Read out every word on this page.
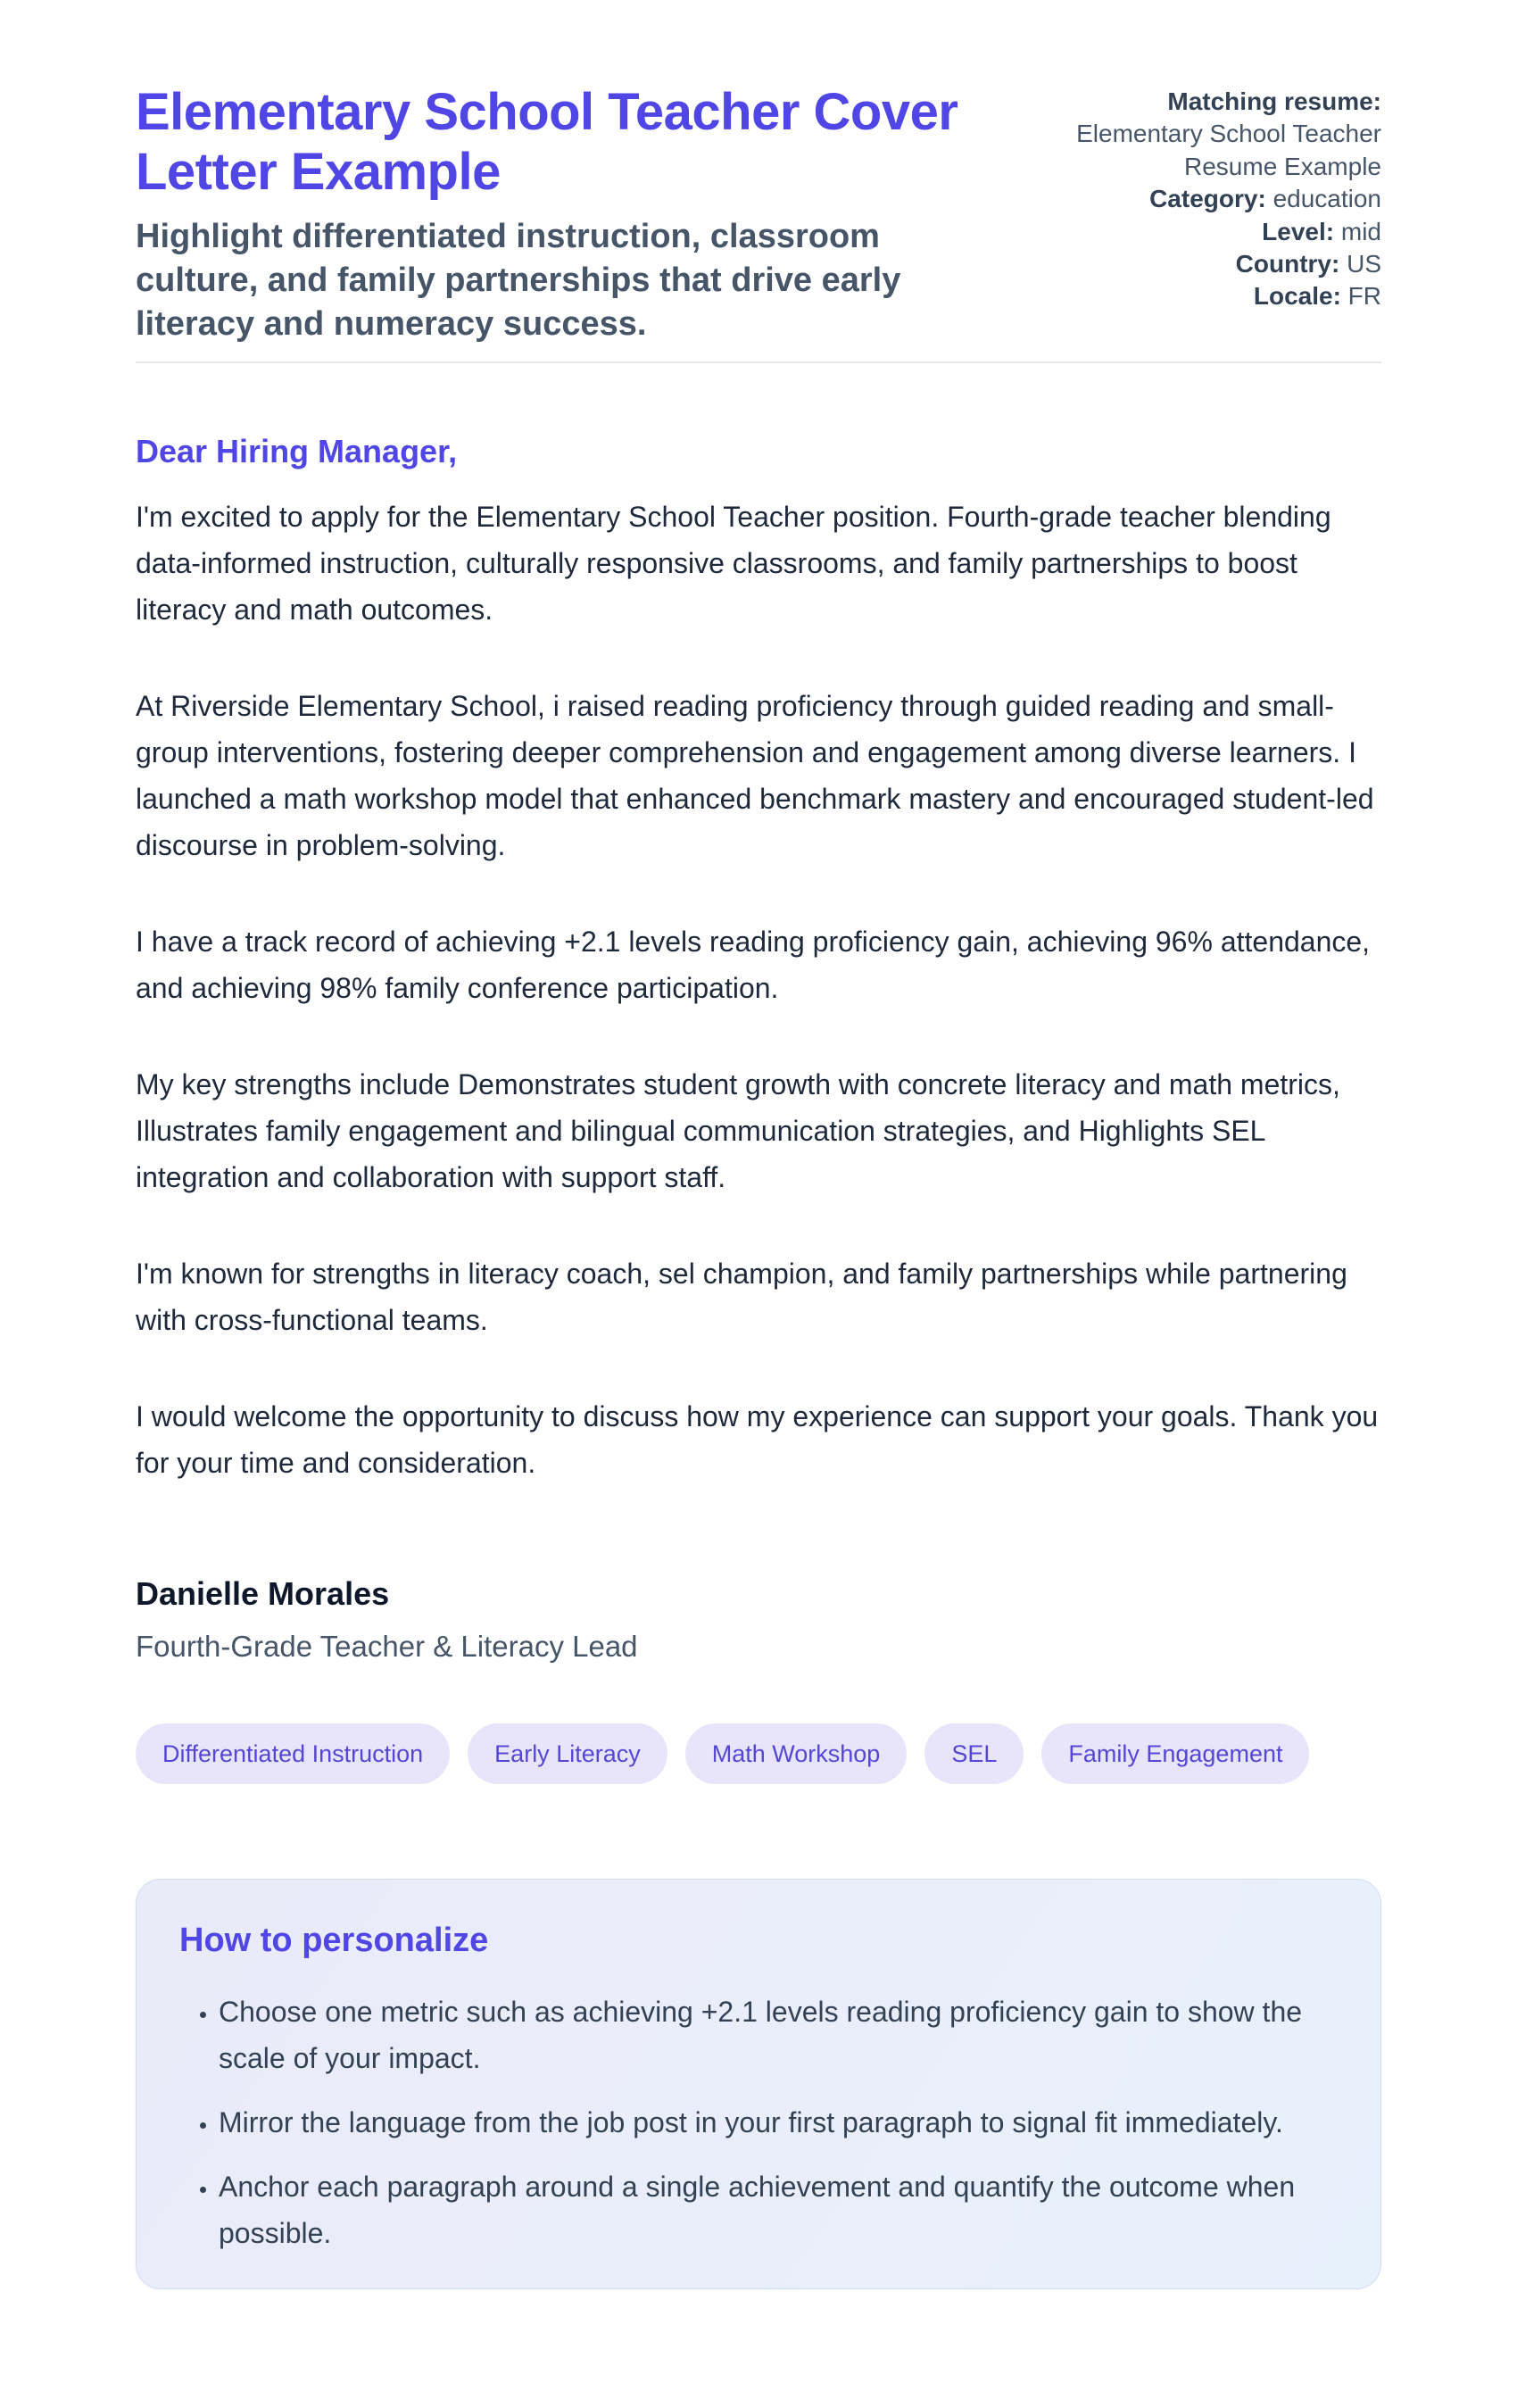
Elementary School Teacher Cover Letter Example
Highlight differentiated instruction, classroom culture, and family partnerships that drive early literacy and numeracy success.

Matching resume: Elementary School Teacher Resume Example

Category: education

Level: mid

Country: US

Locale: FR

Dear Hiring Manager,

I'm excited to apply for the Elementary School Teacher position. Fourth-grade teacher blending data-informed instruction, culturally responsive classrooms, and family partnerships to boost literacy and math outcomes.

At Riverside Elementary School, i raised reading proficiency through guided reading and small-group interventions, fostering deeper comprehension and engagement among diverse learners. I launched a math workshop model that enhanced benchmark mastery and encouraged student-led discourse in problem-solving.

I have a track record of achieving +2.1 levels reading proficiency gain, achieving 96% attendance, and achieving 98% family conference participation.

My key strengths include Demonstrates student growth with concrete literacy and math metrics, Illustrates family engagement and bilingual communication strategies, and Highlights SEL integration and collaboration with support staff.

I'm known for strengths in literacy coach, sel champion, and family partnerships while partnering with cross-functional teams.

I would welcome the opportunity to discuss how my experience can support your goals. Thank you for your time and consideration.

Danielle Morales
Fourth-Grade Teacher & Literacy Lead
Differentiated Instruction	Early Literacy	Math Workshop	SEL	Family Engagement
How to personalize
• Choose one metric such as achieving +2.1 levels reading proficiency gain to show the scale of your impact.
• Mirror the language from the job post in your first paragraph to signal fit immediately.
• Anchor each paragraph around a single achievement and quantify the outcome when possible.
